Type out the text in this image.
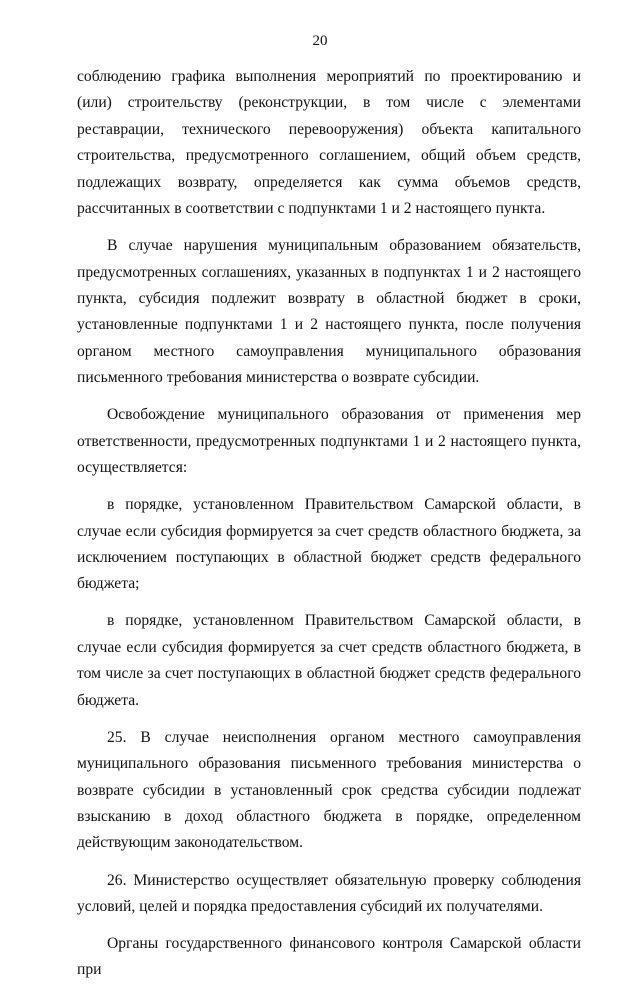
20

соблюдению графика выполнения мероприятий по проектированию и (или) строительству (реконструкции, в том числе с элементами реставрации, технического перевооружения) объекта капитального строительства, предусмотренного соглашением, общий объем средств, подлежащих возврату, определяется как сумма объемов средств, рассчитанных в соответствии с подпунктами 1 и 2 настоящего пункта.

В случае нарушения муниципальным образованием обязательств, предусмотренных соглашениях, указанных в подпунктах 1 и 2 настоящего пункта, субсидия подлежит возврату в областной бюджет в сроки, установленные подпунктами 1 и 2 настоящего пункта, после получения органом местного самоуправления муниципального образования письменного требования министерства о возврате субсидии.

Освобождение муниципального образования от применения мер ответственности, предусмотренных подпунктами 1 и 2 настоящего пункта, осуществляется:

в порядке, установленном Правительством Самарской области, в случае если субсидия формируется за счет средств областного бюджета, за исключением поступающих в областной бюджет средств федерального бюджета;

в порядке, установленном Правительством Самарской области, в случае если субсидия формируется за счет средств областного бюджета, в том числе за счет поступающих в областной бюджет средств федерального бюджета.

25. В случае неисполнения органом местного самоуправления муниципального образования письменного требования министерства о возврате субсидии в установленный срок средства субсидии подлежат взысканию в доход областного бюджета в порядке, определенном действующим законодательством.

26. Министерство осуществляет обязательную проверку соблюдения условий, целей и порядка предоставления субсидий их получателями.

Органы государственного финансового контроля Самарской области при
